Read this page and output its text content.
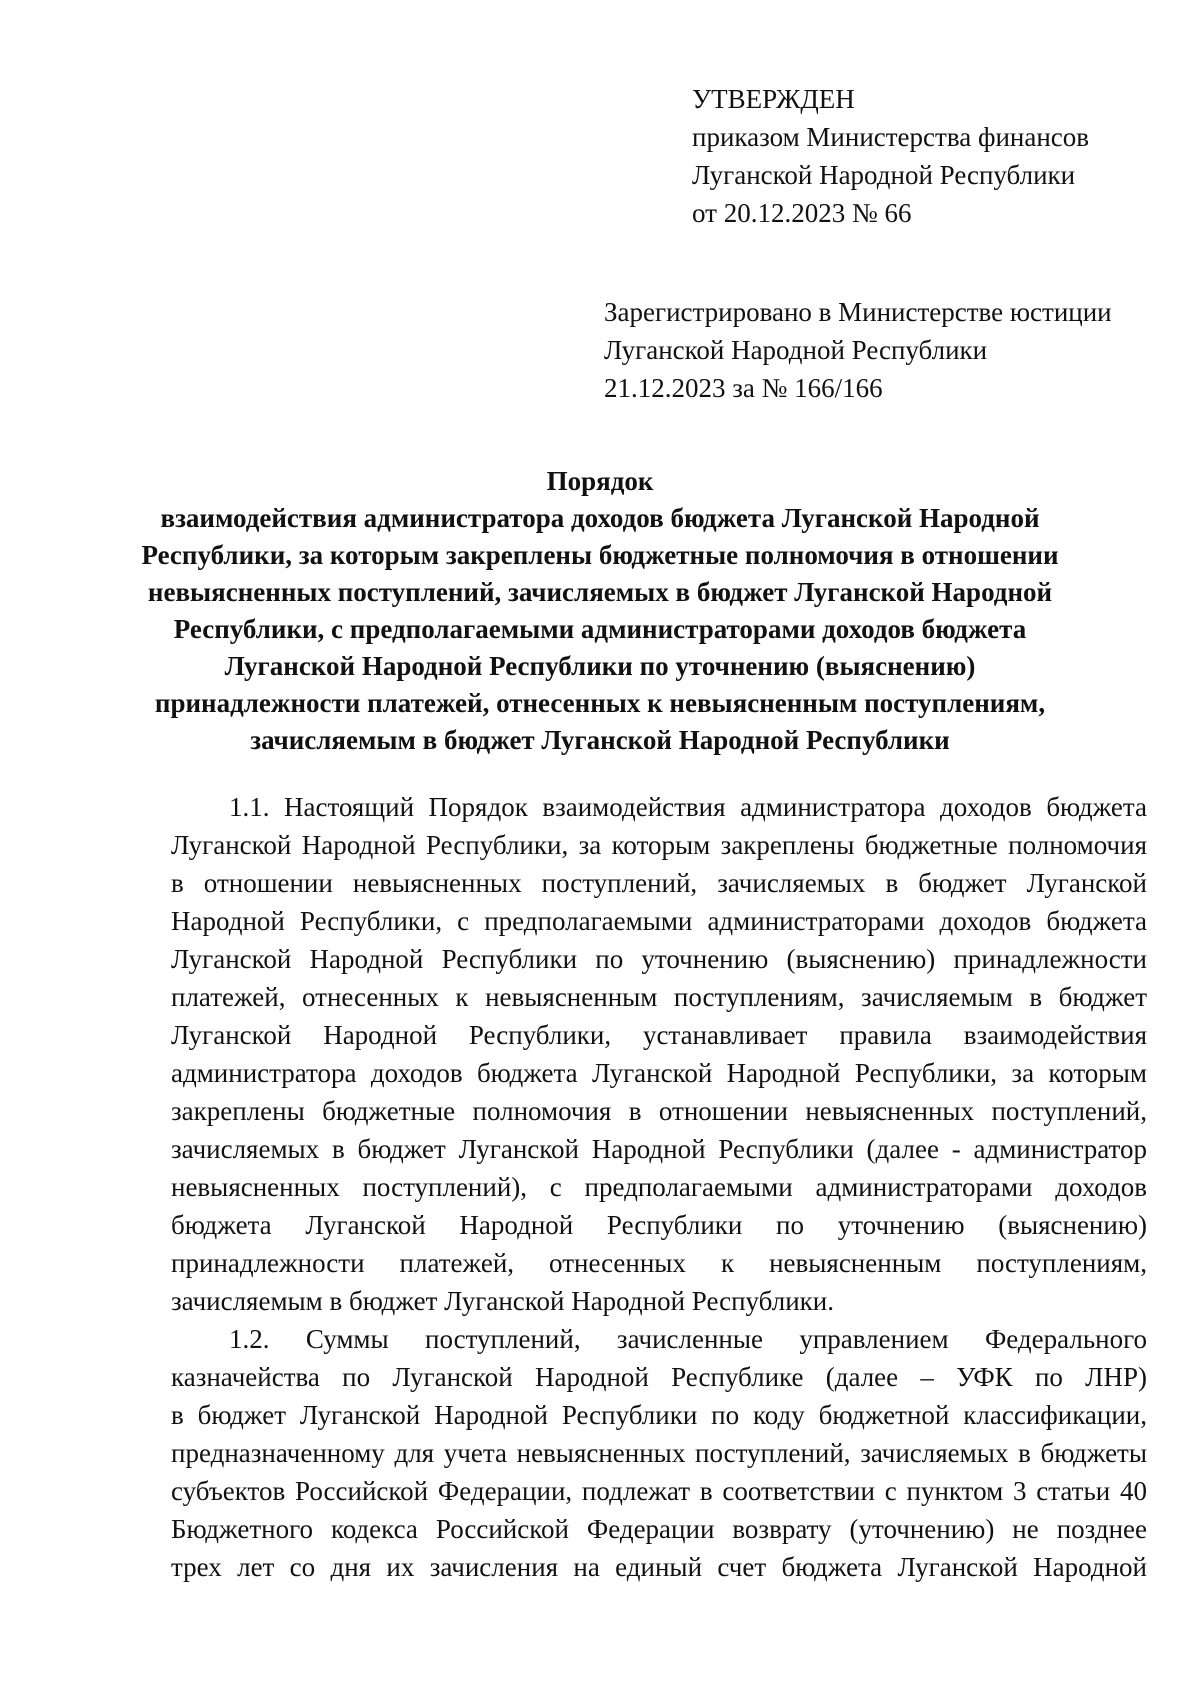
УТВЕРЖДЕН
приказом Министерства финансов
Луганской Народной Республики
от 20.12.2023 № 66
Зарегистрировано в Министерстве юстиции
Луганской Народной Республики
21.12.2023 за № 166/166
Порядок
взаимодействия администратора доходов бюджета Луганской Народной
Республики, за которым закреплены бюджетные полномочия в отношении
невыясненных поступлений, зачисляемых в бюджет Луганской Народной
Республики, с предполагаемыми администраторами доходов бюджета
Луганской Народной Республики по уточнению (выяснению)
принадлежности платежей, отнесенных к невыясненным поступлениям,
зачисляемым в бюджет Луганской Народной Республики
1.1. Настоящий Порядок взаимодействия администратора доходов бюджета
Луганской Народной Республики, за которым закреплены бюджетные полномочия
в отношении невыясненных поступлений, зачисляемых в бюджет Луганской
Народной Республики, с предполагаемыми администраторами доходов бюджета
Луганской Народной Республики по уточнению (выяснению) принадлежности
платежей, отнесенных к невыясненным поступлениям, зачисляемым в бюджет
Луганской Народной Республики, устанавливает правила взаимодействия
администратора доходов бюджета Луганской Народной Республики, за которым
закреплены бюджетные полномочия в отношении невыясненных поступлений,
зачисляемых в бюджет Луганской Народной Республики (далее - администратор
невыясненных поступлений), с предполагаемыми администраторами доходов
бюджета Луганской Народной Республики по уточнению (выяснению)
принадлежности платежей, отнесенных к невыясненным поступлениям,
зачисляемым в бюджет Луганской Народной Республики.
1.2. Суммы поступлений, зачисленные управлением Федерального
казначейства по Луганской Народной Республике (далее – УФК по ЛНР)
в бюджет Луганской Народной Республики по коду бюджетной классификации,
предназначенному для учета невыясненных поступлений, зачисляемых в бюджеты
субъектов Российской Федерации, подлежат в соответствии с пунктом 3 статьи 40
Бюджетного кодекса Российской Федерации возврату (уточнению) не позднее
трех лет со дня их зачисления на единый счет бюджета Луганской Народной
